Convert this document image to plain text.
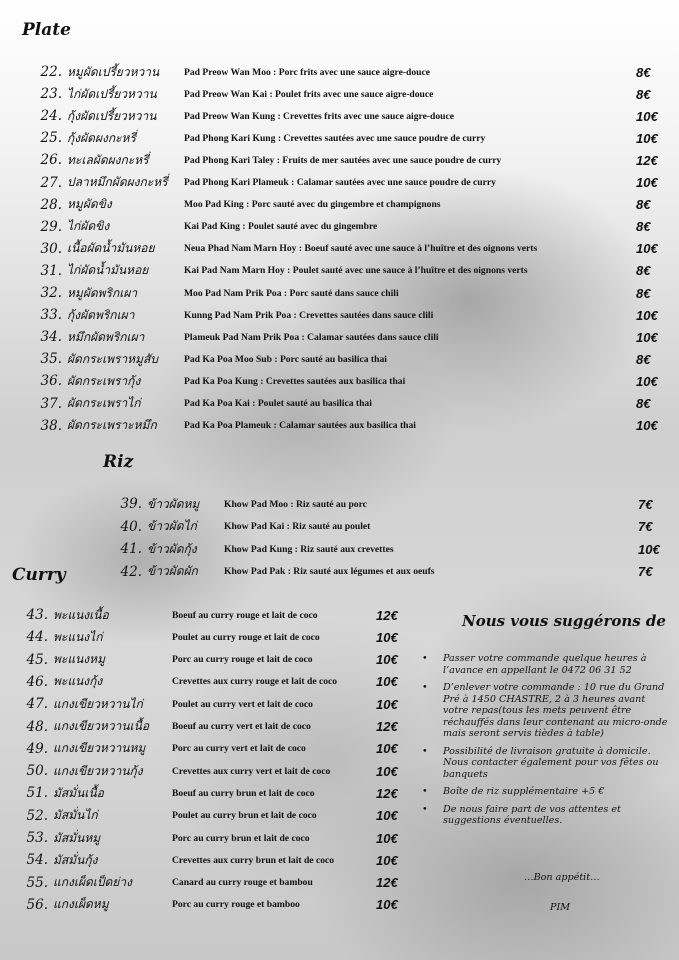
Plate
22. หมูผัดเปรี้ยวหวาน	Pad Preow Wan Moo : Porc frits avec une sauce aigre-douce	8€
23. ไก่ผัดเปรี้ยวหวาน	Pad Preow Wan Kai : Poulet frits avec une sauce aigre-douce	8€
24. กุ้งผัดเปรี้ยวหวาน	Pad Preow Wan Kung : Crevettes frits avec une sauce aigre-douce	10€
25. กุ้งผัดผงกะหรี่	Pad Phong Kari Kung : Crevettes sautées avec une sauce poudre de curry	10€
26. ทะเลผัดผงกะหรี่	Pad Phong Kari Taley : Fruits de mer sautées avec une sauce poudre de curry	12€
27. ปลาหมึกผัดผงกะหรี่ Pad Phong Kari Plameuk : Calamar sautées avec une sauce poudre de curry	10€
28. หมูผัดขิง	Moo Pad King : Porc sauté avec du gingembre et champignons	8€
29. ไก่ผัดขิง	Kai Pad King : Poulet sauté avec du gingembre	8€
30. เนื้อผัดน้ำมันหอย	Neua Phad Nam Marn Hoy : Boeuf sauté avec une sauce à l’huître et des oignons verts	10€
31. ไก่ผัดน้ำมันหอย	Kai Pad Nam Marn Hoy : Poulet sauté avec une sauce à l’huître et des oignons verts	8€
32. หมูผัดพริกเผา	Moo Pad Nam Prik Poa : Porc sauté dans sauce chili	8€
33. กุ้งผัดพริกเผา	Kunng Pad Nam Prik Poa : Crevettes sautées dans sauce clili	10€
34. หมึกผัดพริกเผา	Plameuk Pad Nam Prik Poa : Calamar sautées dans sauce clili	10€
35. ผัดกระเพราหมูสับ	Pad Ka Poa Moo Sub : Porc sauté au basilica thai	8€
36. ผัดกระเพรากุ้ง	Pad Ka Poa Kung : Crevettes sautées aux basilica thai	10€
37. ผัดกระเพราไก่	Pad Ka Poa Kai : Poulet sauté au basilica thai	8€
38. ผัดกระเพราะหมึก	Pad Ka Poa Plameuk : Calamar sautées aux basilica thai	10€
Riz
39. ข้าวผัดหมู	Khow Pad Moo : Riz sauté au porc	7€
40. ข้าวผัดไก่	Khow Pad Kai : Riz sauté au poulet	7€
41. ข้าวผัดกุ้ง	Khow Pad Kung : Riz sauté aux crevettes	10€
42. ข้าวผัดผัก	Khow Pad Pak : Riz sauté aux légumes et aux oeufs	7€
Curry
43. พะแนงเนื้อ	Boeuf au curry rouge et lait de coco	12€
44. พะแนงไก่	Poulet au curry rouge et lait de coco	10€
45. พะแนงหมู	Porc au curry rouge et lait de coco	10€
46. พะแนงกุ้ง	Crevettes aux curry rouge et lait de coco	10€
47. แกงเขียวหวานไก่	Poulet au curry vert et lait de coco	10€
48. แกงเขียวหวานเนื้อ Boeuf au curry vert et lait de coco	12€
49. แกงเขียวหวานหมู	Porc au curry vert et lait de coco	10€
50. แกงเขียวหวานกุ้ง	Crevettes aux curry vert et lait de coco	10€
51. มัสมั่นเนื้อ	Boeuf au curry brun et lait de coco	12€
52. มัสมั่นไก่	Poulet au curry brun et lait de coco	10€
53. มัสมั่นหมู	Porc au curry brun et lait de coco	10€
54. มัสมั่นกุ้ง	Crevettes aux curry brun et lait de coco	10€
55. แกงเผ็ดเป็ดย่าง	Canard au curry rouge et bambou	12€
56. แกงเผ็ดหมู	Porc au curry rouge et bamboo	10€
Nous vous suggérons de
• Passer votre commande quelque heures à l’avance en appellant le 0472 06 31 52
• D’enlever votre commande : 10 rue du Grand Pré à 1450 CHASTRE, 2 à 3 heures avant votre repas(tous les mets peuvent être réchauffés dans leur contenant au micro-onde mais seront servis tièdes à table)
• Possibilité de livraison gratuite à domicile. Nous contacter également pour vos fêtes ou banquets
• Boîte de riz supplémentaire +5 €
• De nous faire part de vos attentes et suggestions éventuelles.
…Bon appétit…
PIM
